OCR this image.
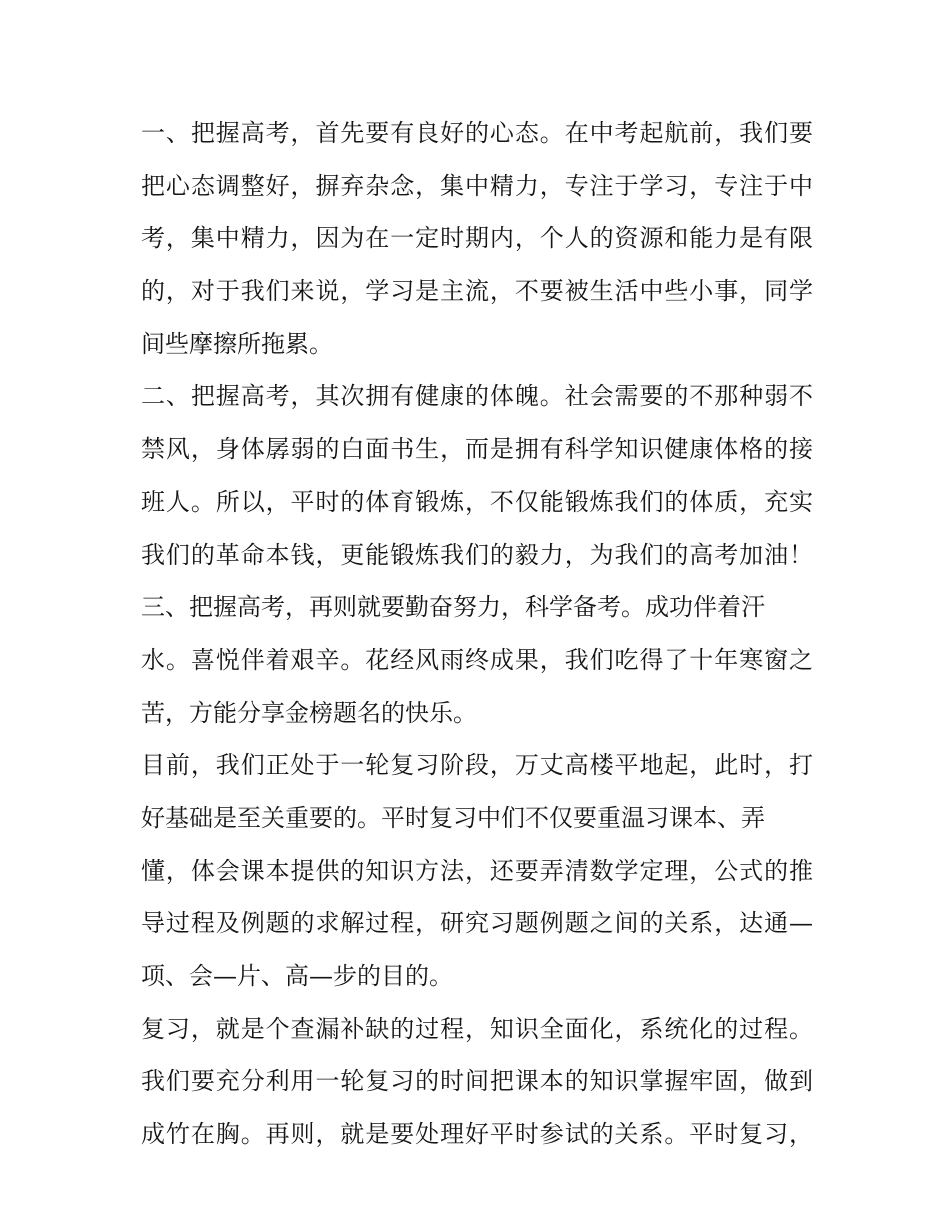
一、把握高考，首先要有良好的心态。在中考起航前，我们要
把心态调整好，摒弃杂念，集中精力，专注于学习，专注于中
考，集中精力，因为在一定时期内，个人的资源和能力是有限
的，对于我们来说，学习是主流，不要被生活中些小事，同学
间些摩擦所拖累。
二、把握高考，其次拥有健康的体魄。社会需要的不那种弱不
禁风，身体孱弱的白面书生，而是拥有科学知识健康体格的接
班人。所以，平时的体育锻炼，不仅能锻炼我们的体质，充实
我们的革命本钱，更能锻炼我们的毅力，为我们的高考加油！
三、把握高考，再则就要勤奋努力，科学备考。成功伴着汗
水。喜悦伴着艰辛。花经风雨终成果，我们吃得了十年寒窗之
苦，方能分享金榜题名的快乐。
目前，我们正处于一轮复习阶段，万丈高楼平地起，此时，打
好基础是至关重要的。平时复习中们不仅要重温习课本、弄
懂，体会课本提供的知识方法，还要弄清数学定理，公式的推
导过程及例题的求解过程，研究习题例题之间的关系，达通—
项、会—片、高—步的目的。
复习，就是个查漏补缺的过程，知识全面化，系统化的过程。
我们要充分利用一轮复习的时间把课本的知识掌握牢固，做到
成竹在胸。再则，就是要处理好平时参试的关系。平时复习，
